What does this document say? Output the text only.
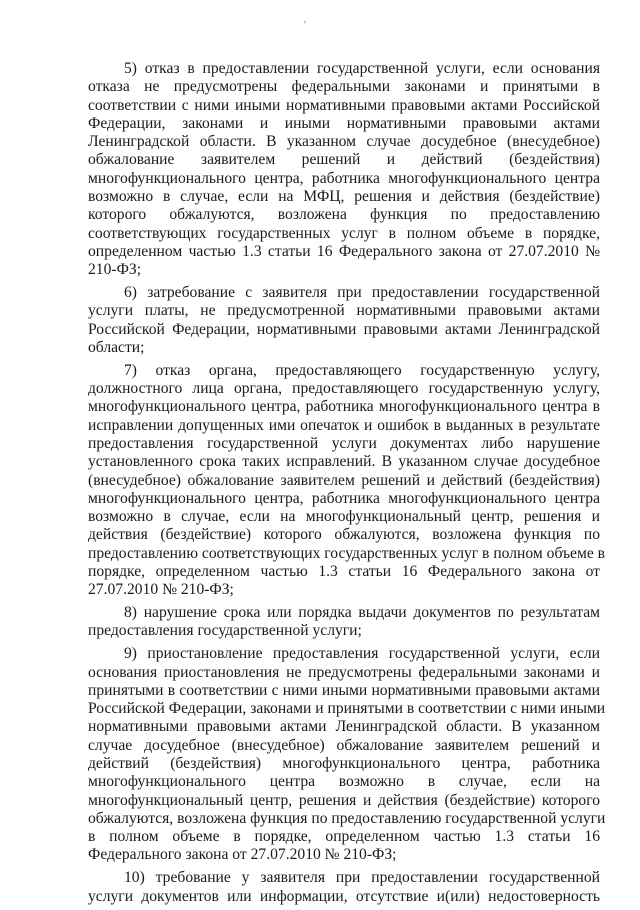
'

5) отказ в предоставлении государственной услуги, если основания
отказа не предусмотрены федеральными законами и принятыми в
соответствии с ними иными нормативными правовыми актами Российской
Федерации, законами и иными нормативными правовыми актами
Ленинградской области. В указанном случае досудебное (внесудебное)
обжалование заявителем решений и действий (бездействия)
многофункционального центра, работника многофункционального центра
возможно в случае, если на МФЦ, решения и действия (бездействие)
которого обжалуются, возложена функция по предоставлению
соответствующих государственных услуг в полном объеме в порядке,
определенном частью 1.3 статьи 16 Федерального закона от 27.07.2010 №
210-ФЗ;

6) затребование с заявителя при предоставлении государственной
услуги платы, не предусмотренной нормативными правовыми актами
Российской Федерации, нормативными правовыми актами Ленинградской
области;

7) отказ органа, предоставляющего государственную услугу,
должностного лица органа, предоставляющего государственную услугу,
многофункционального центра, работника многофункционального центра в
исправлении допущенных ими опечаток и ошибок в выданных в результате
предоставления государственной услуги документах либо нарушение
установленного срока таких исправлений. В указанном случае досудебное
(внесудебное) обжалование заявителем решений и действий (бездействия)
многофункционального центра, работника многофункционального центра
возможно в случае, если на многофункциональный центр, решения и
действия (бездействие) которого обжалуются, возложена функция по
предоставлению соответствующих государственных услуг в полном объеме в
порядке, определенном частью 1.3 статьи 16 Федерального закона от
27.07.2010 № 210-ФЗ;

8) нарушение срока или порядка выдачи документов по результатам
предоставления государственной услуги;

9) приостановление предоставления государственной услуги, если
основания приостановления не предусмотрены федеральными законами и
принятыми в соответствии с ними иными нормативными правовыми актами
Российской Федерации, законами и принятыми в соответствии с ними иными
нормативными правовыми актами Ленинградской области. В указанном
случае досудебное (внесудебное) обжалование заявителем решений и
действий (бездействия) многофункционального центра, работника
многофункционального центра возможно в случае, если на
многофункциональный центр, решения и действия (бездействие) которого
обжалуются, возложена функция по предоставлению государственной услуги
в полном объеме в порядке, определенном частью 1.3 статьи 16
Федерального закона от 27.07.2010 № 210-ФЗ;

10) требование у заявителя при предоставлении государственной
услуги документов или информации, отсутствие и(или) недостоверность
